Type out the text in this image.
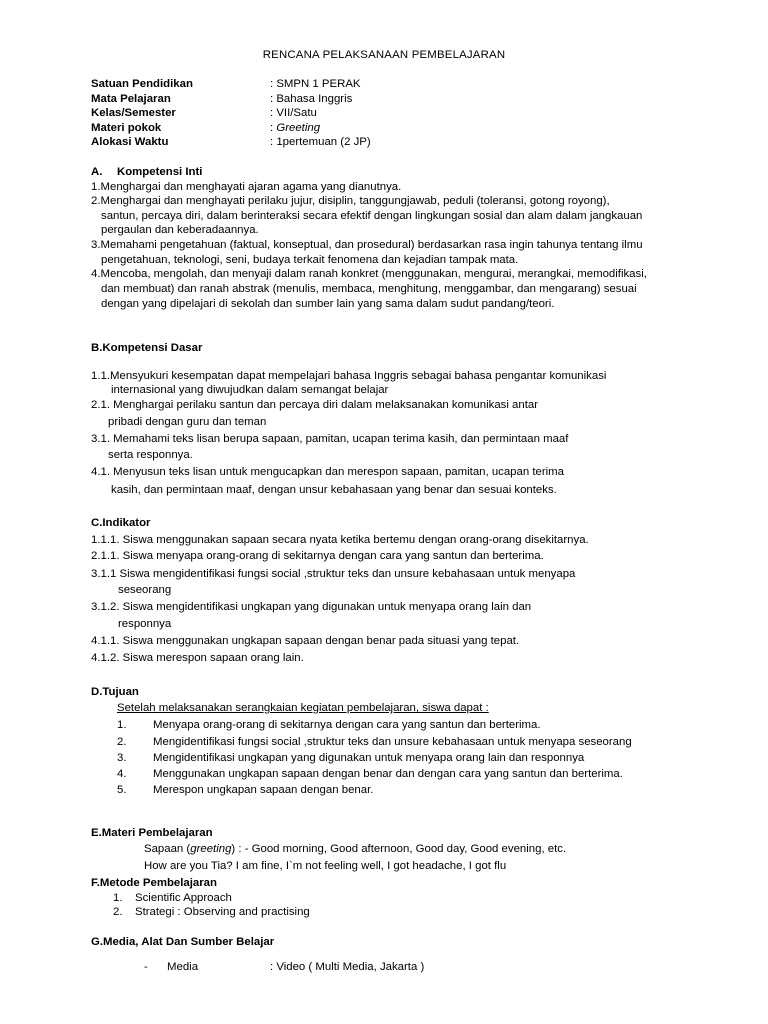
RENCANA PELAKSANAAN PEMBELAJARAN
Satuan Pendidikan	: SMPN 1 PERAK
Mata Pelajaran	: Bahasa Inggris
Kelas/Semester	: VII/Satu
Materi pokok	: Greeting
Alokasi Waktu	: 1pertemuan (2 JP)
A. Kompetensi Inti
1.Menghargai dan menghayati ajaran agama yang dianutnya.
2.Menghargai dan menghayati perilaku jujur, disiplin, tanggungjawab, peduli (toleransi, gotong royong),
santun, percaya diri, dalam berinteraksi secara efektif dengan lingkungan sosial dan alam dalam jangkauan
pergaulan dan keberadaannya.
3.Memahami pengetahuan (faktual, konseptual, dan prosedural) berdasarkan rasa ingin tahunya tentang ilmu
pengetahuan, teknologi, seni, budaya terkait fenomena dan kejadian tampak mata.
4.Mencoba, mengolah, dan menyaji dalam ranah konkret (menggunakan, mengurai, merangkai, memodifikasi,
dan membuat) dan ranah abstrak (menulis, membaca, menghitung, menggambar, dan mengarang) sesuai
dengan yang dipelajari di sekolah dan sumber lain yang sama dalam sudut pandang/teori.
B.Kompetensi Dasar
1.1.Mensyukuri kesempatan dapat mempelajari bahasa Inggris sebagai bahasa pengantar komunikasi
internasional yang diwujudkan dalam semangat belajar
2.1. Menghargai perilaku santun dan percaya diri dalam melaksanakan komunikasi antar
pribadi dengan guru dan teman
3.1. Memahami teks lisan berupa sapaan, pamitan, ucapan terima kasih, dan permintaan maaf
serta responnya.
4.1. Menyusun teks lisan untuk mengucapkan dan merespon sapaan, pamitan, ucapan terima
kasih, dan permintaan maaf, dengan unsur kebahasaan yang benar dan sesuai konteks.
C.Indikator
1.1.1. Siswa menggunakan sapaan secara nyata ketika bertemu dengan orang-orang disekitarnya.
2.1.1. Siswa menyapa orang-orang di sekitarnya dengan cara yang santun dan berterima.
3.1.1 Siswa mengidentifikasi fungsi social ,struktur teks dan unsure kebahasaan untuk menyapa
seseorang
3.1.2. Siswa mengidentifikasi ungkapan yang digunakan untuk menyapa orang lain dan
responnya
4.1.1. Siswa menggunakan ungkapan sapaan dengan benar pada situasi yang tepat.
4.1.2. Siswa merespon sapaan orang lain.
D.Tujuan
Setelah melaksanakan serangkaian kegiatan pembelajaran, siswa dapat :
1. Menyapa orang-orang di sekitarnya dengan cara yang santun dan berterima.
2. Mengidentifikasi fungsi social ,struktur teks dan unsure kebahasaan untuk menyapa seseorang
3. Mengidentifikasi ungkapan yang digunakan untuk menyapa orang lain dan responnya
4. Menggunakan ungkapan sapaan dengan benar dan dengan cara yang santun dan berterima.
5. Merespon ungkapan sapaan dengan benar.
E.Materi Pembelajaran
Sapaan (greeting) : - Good morning, Good afternoon, Good day, Good evening, etc.
How are you Tia? I am fine, I`m not feeling well, I got headache, I got flu
F.Metode Pembelajaran
1. Scientific Approach
2. Strategi : Observing and practising
G.Media, Alat Dan Sumber Belajar
- Media	: Video ( Multi Media, Jakarta )
